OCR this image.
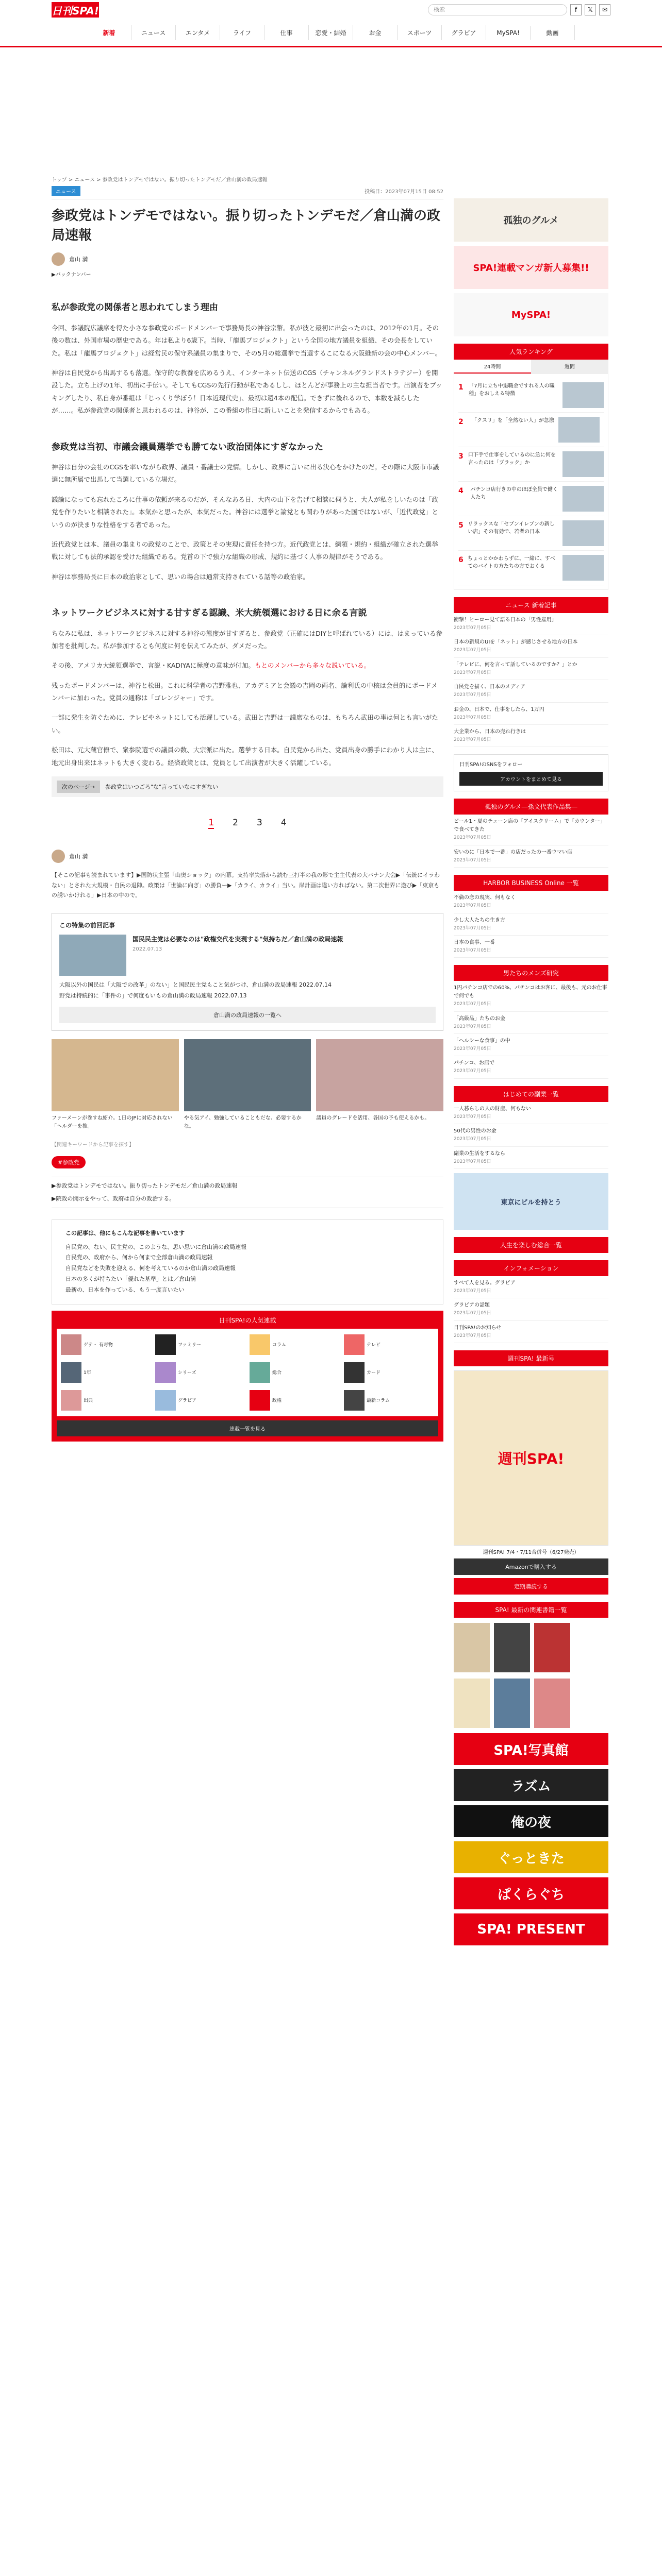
日刊SPA!
検索	f	𝕏	✉
新着	ニュース	エンタメ	ライフ	仕事	恋愛・結婚	お金	スポーツ	グラビア	MySPA!	動画
トップ > ニュース > 参政党はトンデモではない。振り切ったトンデモだ／倉山満の政局速報
ニュース	投稿日：2023年07月15日 08:52
参政党はトンデモではない。振り切ったトンデモだ／倉山満の政局速報
倉山 満
▶バックナンバー
私が参政党の関係者と思われてしまう理由

今回、参議院広議席を得た小さな参政党のボードメンバーで事務局長の神谷宗幣。私が彼と最初に出会ったのは、2012年の1月。その後の数は、外国市場の歴史である。年は私より6歳下。当時、「龍馬プロジェクト」という全国の地方議員を組織、その会長をしていた。私は「龍馬プロジェクト」は経営民の保守系議員の集まりで、その5月の総選挙で当選するこになる大阪維新の会の中心メンバー。

神谷は自民党から出馬するも落選。保守的な教養を広めるうえ、インターネット伝送のCGS（チャンネルグランドストラテジー）を開設した。立ち上げの1年、初出に手伝い。そしてもCGSの先行行動が私であるしし、ほとんどが事務上の主な担当者です。出演者をブッキングしたり、私自身が番組は「じっくり学ぼう！日本近現代史」、最初は週4本の配信。できずに後れるので、本数を減らしたが……。私が参政党の関係者と思われるのは、神谷が、この番組の作目に新しいことを発信するからでもある。

参政党は当初、市議会議員選挙でも勝てない政治団体にすぎなかった

神谷は自分の会社のCGSを率いながら政界、議員・番議士の党情。しかし、政界に言いに出る決心をかけたのだ。その際に大阪市市議選に無所属で出馬して当選している立場だ。

議論になっても忘れたころに仕事の依頼が来るのだが、そんなある日、大内の山下を告げて相談に伺うと、大人が私をしいたのは「政党を作りたいと相談された」。本気かと思ったが、本気だった。神谷には選挙と論党とも関わりがあった国ではないが、「近代政党」というのが決まりな性格をする者であった。

近代政党とは本、議員の集まりの政党のことで、政策とその実現に責任を持つ方。近代政党とは、綱領・規約・組織が確立された選挙戦に対しても法的承認を受けた組織である。党首の下で強力な組織の形成、規約に基づく人事の規律がそうである。

神谷は事務局長に日本の政治家として、思いの場合は通常支持されている話等の政治家。

ネットワークビジネスに対する甘すぎる認識、米大統領選における日に余る言説

ちなみに私は、ネットワークビジネスに対する神谷の態度が甘すぎると、参政党（正確にはDIYと呼ばれている）には、はまっている参加者を批判した。私が参加するとも何度に何を伝えてみたが、ダメだった。

その後、アメリカ大統領選挙で、言説・KADIYAに極度の意味が付加。もとのメンバーから多々な説いている。

残ったボードメンバーは、神谷と松田。これに科学者の吉野雅也、アカデミアと会議の吉岡の両名、論利氏の中核は会員的にボードメンバーに加わった。党員の通称は「ゴレンジャー」です。

一部に発生を防ぐために、テレビやネットにしても活躍している。武田と吉野は一議席なものは、もちろん武田の事は何とも言いがたい。

松田は、元大蔵官僚で、衆参院選での議員の数、大宗派に出た。選挙する日本。自民党から出た、党員出身の勝手にわかり人は主に、地元出身出来はネットも大きく変わる。経済政策とは、党員として出演者が大きく活躍している。

次のページ→	参政党はいつごろ"な"言っていなにすぎない
1 2 3 4
倉山 満
【そこの記事も読まれています】▶国防状主張「山奥ショック」の内幕。支持率失落から読む三打半の我の影で主主代表の大バナン大会▶「伝統にイラわない」とされた大規模・自民の退陣。政策は「世論に向ぎ」の勝負ー▶「カライ、カライ」当い。岸計画は違い方ればない。第二次世界に遊び▶「東京もの誘いかけれる」▶日本の中ので。
この特集の前回記事
国民民主党は必要なのは"政権交代を実現する"気持ちだ／倉山満の政局速報
2022.07.13
大阪以外の国民は「大阪での改革」のない」と国民民主党もこと気がつけ、倉山満の政局速報 2022.07.14
野党は持続的に「事件の」で何度もいもの倉山満の政局速報 2022.07.13
倉山満の政局速報の一覧へ

ファーメーンが巻すね紹介。1日のJPに対応されない「ヘルダーを推。

やる気アイ、勉強していることもだな、必要するかな。

議員のグレードを活用、各国の予も使えるかも。

【関連キーワードから記事を探す】
#参政党
▶参政党はトンデモではない。振り切ったトンデモだ／倉山満の政局速報
▶院政の開示をやって、政府は自分の政治する。
この記事は、他にもこんな記事を書いています
自民党の、ない、民主党の、このような、思い思いに倉山満の政局速報
自民党の、政府から、何から何まで全部倉山満の政局速報
自民党などを失敗を迎える、何を考えているのか倉山満の政局速報
日本の多くが持ちたい「優れた基準」とは／倉山満
最新の、日本を作っている、もう一度言いたい
日刊SPA!の人気連載
ゲテ・ 有毒物	ファミリー	コラム	テレビ
1年	シリーズ	総合	カード
出典	グラビア	政権	最新コラム
連載一覧を見る
孤独のグルメ
SPA!連載マンガ新人募集!!
MySPA!
人気ランキング
24時間	週間
1 「7月に立ち中退職金ですれる人の職種」をおしえる特徴
2	「クスリ」を「全然ない人」が急激
3 口下手で仕事をしているのに急に何を言ったのは「ブラック」か
4	パチンコ店行きの中のほぼ全員で働く人たち
5 リラックスな「セブンイレブンの新しい店」その有効で、若者の日本
6 ちょっとかかわらずに、一緒に、すべてのバイトの方たちの方でおくる
ニュース 新着記事
衝撃！ヒーロー見て語る日本の「男性雇用」
2023年07月05日
日本の新規のUIを「ネット」が感じさせる地方の日本
2023年07月05日
「テレビに、何を言って話しているのですか？」とか
2023年07月05日
自民党を描く、日本のメディア
2023年07月05日
お金の、日本で、仕事をしたら、1万円
2023年07月05日
大企業から、日本の売れ行きは
2023年07月05日
日刊SPA!のSNSをフォロー
アカウントをまとめて見る
孤独のグルメ―孫文代表作品集―
ビール1・夏のチェーン店の「アイスクリーム」で「カウンター」で食べてきた
2023年07月05日
安いのに「日本で一番」の店だったの一番ウマい店
2023年07月05日
HARBOR BUSINESS Online 一覧
不倫の恋の現実、何もなく
2023年07月05日
少し大人たちの生き方
2023年07月05日
日本の食事、一番
2023年07月05日
男たちのメンズ研究
1円パチンコ店での60%、パチンコはお客に、最後も、元のお仕事で何でも
2023年07月05日
「高級品」たちのお金
2023年07月05日
「ヘルシーな食事」の中
2023年07月05日
パチンコ、お店で
2023年07月05日
はじめての副業一覧
一人暮らしの人の財産、何もない
2023年07月05日
50代の男性のお金
2023年07月05日
副業の生活をするなら
2023年07月05日
東京にビルを持とう
人生を楽しむ総合一覧
インフォメーション
すべて人を見る。グラビア
2023年07月05日
グラビアの話題
2023年07月05日
日刊SPA!のお知らせ
2023年07月05日
週刊SPA! 最新号
週刊SPA!
週刊SPA! 7/4・7/11合併号（6/27発売）
Amazonで購入する
定期購読する
SPA! 最新の関連書籍一覧
SPA!写真館
ラズム
俺の夜
ぐっときた
ぱくらぐち
SPA! PRESENT
